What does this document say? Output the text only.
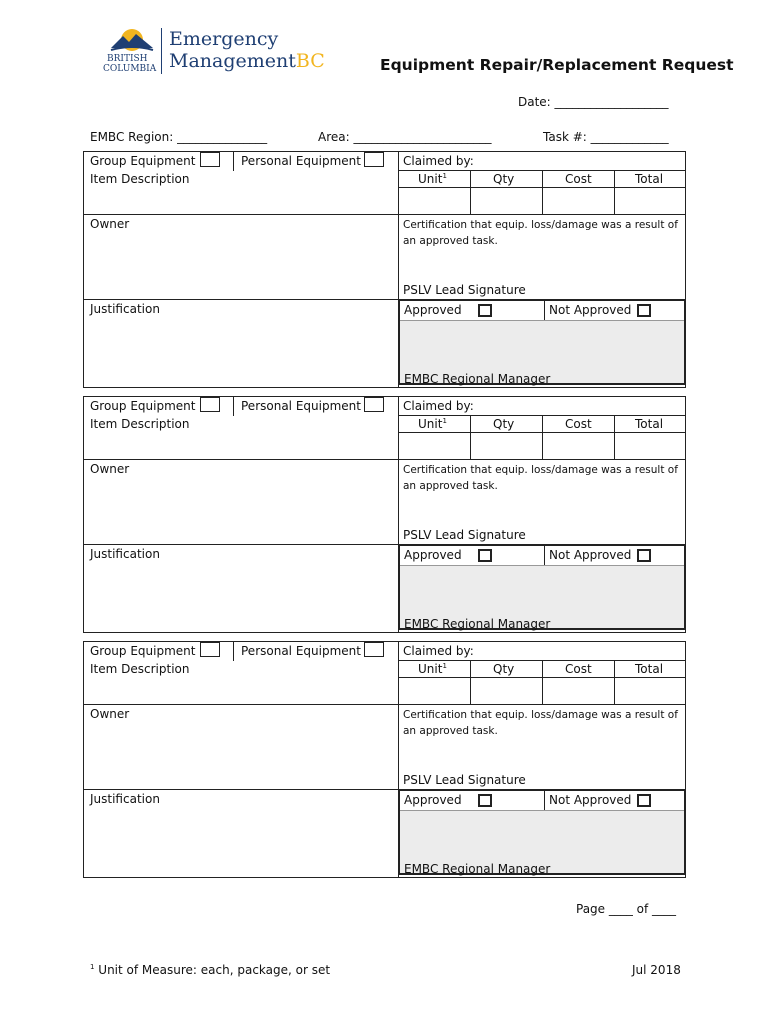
BRITISH
COLUMBIA
Emergency
ManagementBC	Equipment Repair/Replacement Request
Date: ___________________
EMBC Region: _______________	Area: _______________________	Task #: _____________
Group Equipment	Personal Equipment
Item Description
Owner
Justification
Claimed by:
Unit$^1$	Qty	Cost	Total
Certification that equip. loss/damage was a result of an approved task.
PSLV Lead Signature
Approved	Not Approved
EMBC Regional Manager
Group Equipment	Personal Equipment
Item Description
Owner
Justification
Claimed by:
Unit$^1$	Qty	Cost	Total
Certification that equip. loss/damage was a result of an approved task.
PSLV Lead Signature
Approved	Not Approved
EMBC Regional Manager
Group Equipment	Personal Equipment
Item Description
Owner
Justification
Claimed by:
Unit$^1$	Qty	Cost	Total
Certification that equip. loss/damage was a result of an approved task.
PSLV Lead Signature
Approved	Not Approved
EMBC Regional Manager
Page ____ of ____
$^1$ Unit of Measure: each, package, or set	Jul 2018
